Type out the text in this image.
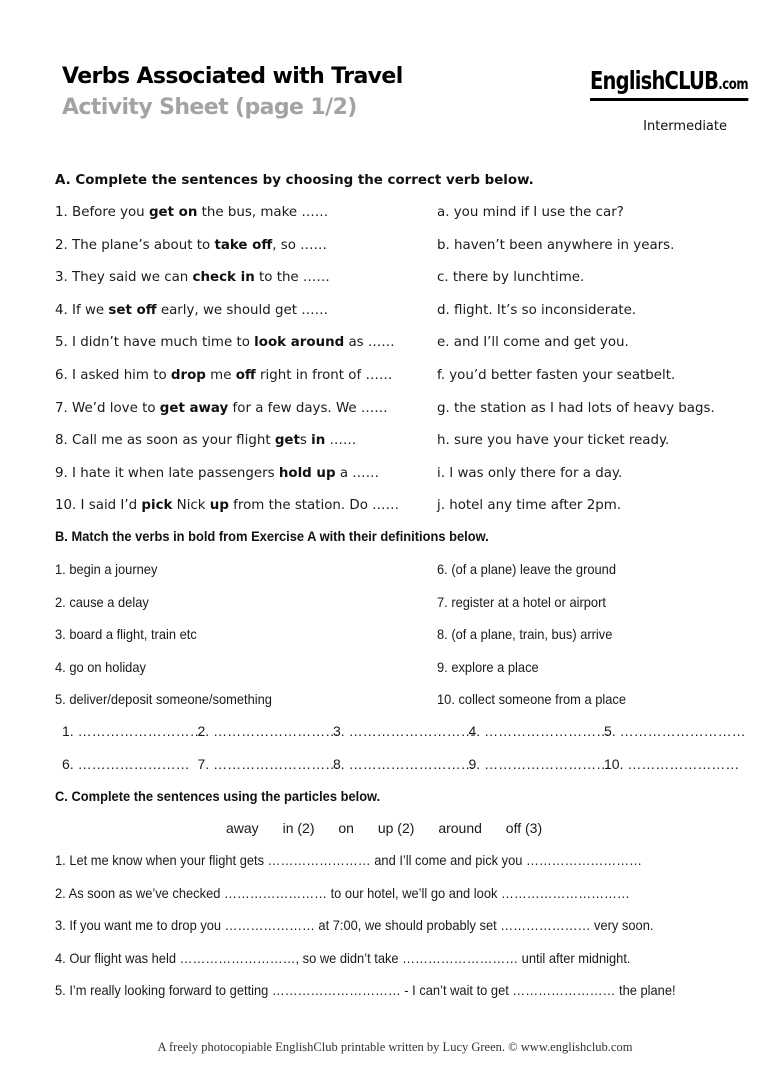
Verbs Associated with Travel
Activity Sheet (page 1/2)
EnglishCLUB.com
Intermediate
A. Complete the sentences by choosing the correct verb below.
1. Before you get on the bus, make ……
2. The plane’s about to take off, so ……
3. They said we can check in to the ……
4. If we set off early, we should get ……
5. I didn’t have much time to look around as ……
6. I asked him to drop me off right in front of ……
7. We’d love to get away for a few days. We ……
8. Call me as soon as your flight gets in ……
9. I hate it when late passengers hold up a ……
10. I said I’d pick Nick up from the station. Do ……
a. you mind if I use the car?
b. haven’t been anywhere in years.
c. there by lunchtime.
d. flight. It’s so inconsiderate.
e. and I’ll come and get you.
f. you’d better fasten your seatbelt.
g. the station as I had lots of heavy bags.
h. sure you have your ticket ready.
i. I was only there for a day.
j. hotel any time after 2pm.
B. Match the verbs in bold from Exercise A with their definitions below.
1. begin a journey
2. cause a delay
3. board a flight, train etc
4. go on holiday
5. deliver/deposit someone/something
6. (of a plane) leave the ground
7. register at a hotel or airport
8. (of a plane, train, bus) arrive
9. explore a place
10. collect someone from a place
1. ………………………
2. ………………………
3. ………………………
4. ………………………
5. ………………………
6. …………………… 7. ………………………
8. ………………………
9. ………………………
10. ……………………
C. Complete the sentences using the particles below.
away in (2) on up (2) around off (3)
1. Let me know when your flight gets …………………… and I’ll come and pick you ………………………
2. As soon as we’ve checked …………………… to our hotel, we’ll go and look …………………………
3. If you want me to drop you ………………… at 7:00, we should probably set ………………… very soon.
4. Our flight was held ………………………, so we didn’t take ……………………… until after midnight.
5. I’m really looking forward to getting ………………………… - I can’t wait to get …………………… the plane!
A freely photocopiable EnglishClub printable written by Lucy Green. © www.englishclub.com
